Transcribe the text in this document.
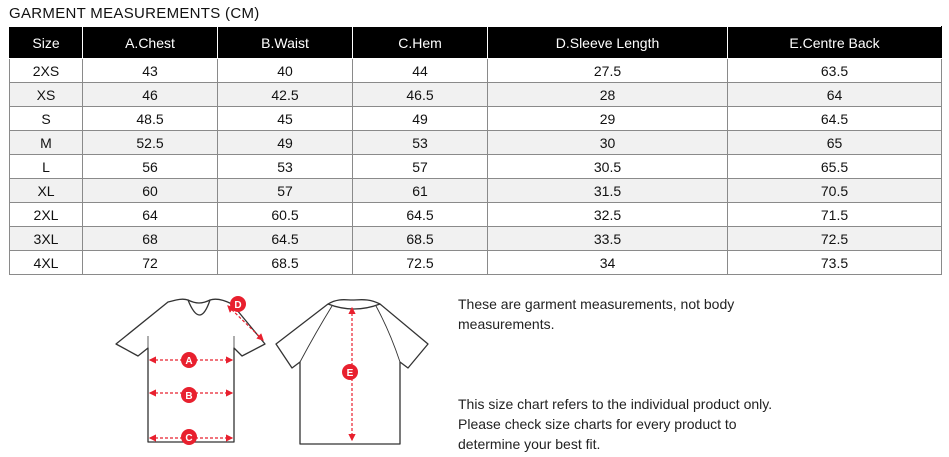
GARMENT MEASUREMENTS (CM)
Size	A.Chest	B.Waist	C.Hem	D.Sleeve Length	E.Centre Back
2XS	43	40	44	27.5	63.5
XS	46	42.5	46.5	28	64
S	48.5	45	49	29	64.5
M	52.5	49	53	30	65
L	56	53	57	30.5	65.5
XL	60	57	61	31.5	70.5
2XL	64	60.5	64.5	32.5	71.5
3XL	68	64.5	68.5	33.5	72.5
4XL	72	68.5	72.5	34	73.5
A
B
C
D
E
These are garment measurements, not body measurements.
This size chart refers to the individual product only. Please check size charts for every product to determine your best fit.
